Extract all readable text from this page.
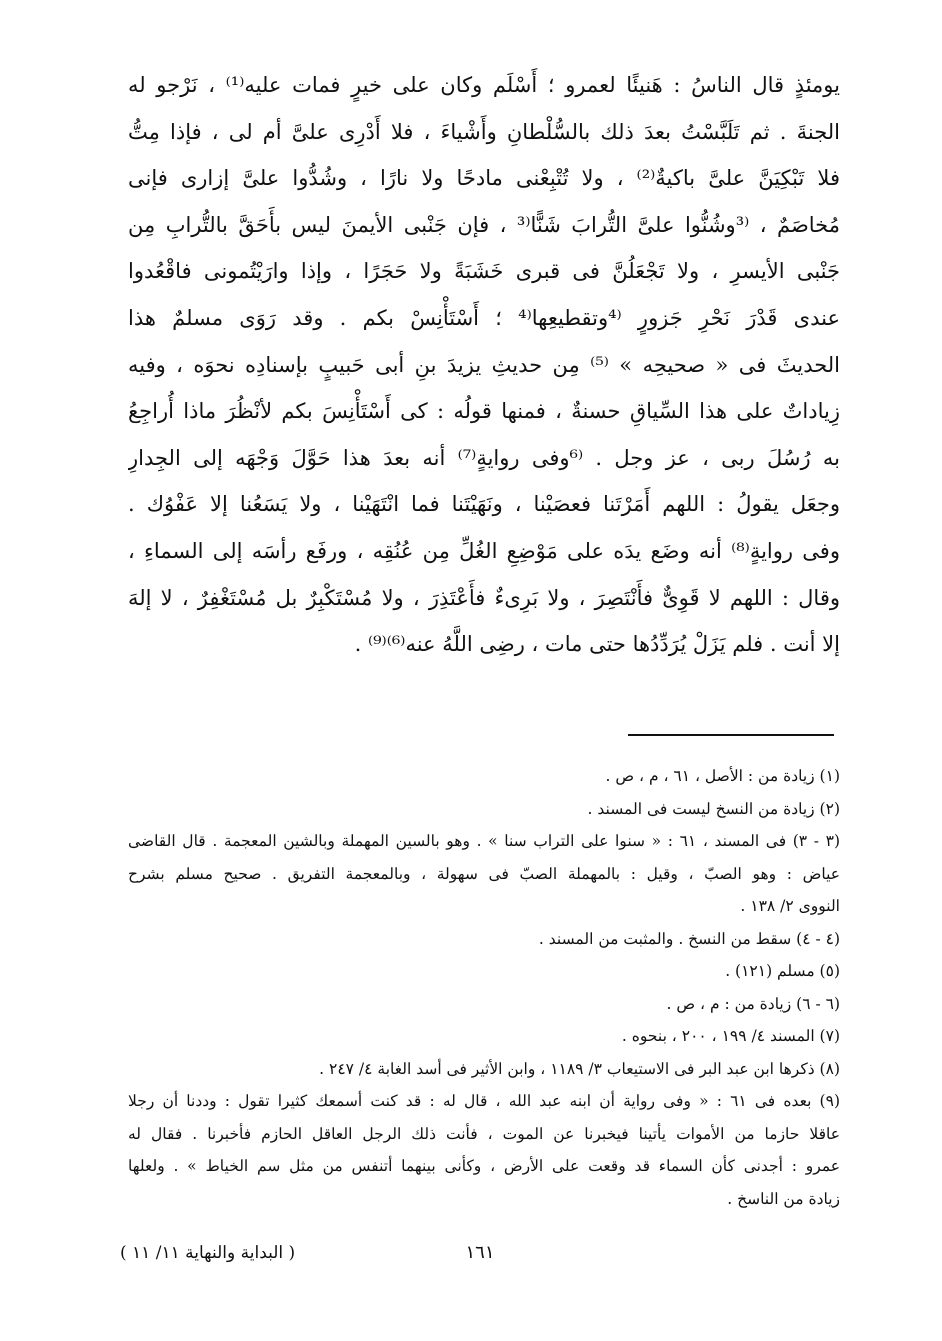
يومئذٍ قال الناسُ : هَنيئًا لعمرو ؛ أَسْلَم وكان على خيرٍ فمات عليه⁽¹⁾ ، نَرْجو له
الجنةَ . ثم تَلَبَّسْتُ بعدَ ذلك بالسُّلْطانِ وأَشْياءَ ، فلا أَدْرِى علىَّ أم لى ، فإذا مِتُّ
فلا تَبْكِيَنَّ علىَّ باكيةٌ⁽²⁾ ، ولا تُتْبِعْنى مادحًا ولا نارًا ، وشُدُّوا علىَّ إزارى فإنى
مُخاصَمٌ ، ⁽³وشُنُّوا علىَّ التُّرابَ شَنًّا⁽³ ، فإن جَنْبى الأيمنَ ليس بأَحَقَّ بالتُّرابِ مِن
جَنْبى الأيسرِ ، ولا تَجْعَلُنَّ فى قبرى خَشَبَةً ولا حَجَرًا ، وإذا وارَيْتُمونى فاقْعُدوا
عندى قَدْرَ نَحْرِ جَزورٍ ⁽⁴وتقطيعِها⁽⁴ ؛ أَسْتَأْنِسْ بكم . وقد رَوَى مسلمٌ هذا
الحديثَ فى « صحيحِه » ⁽⁵⁾ مِن حديثِ يزيدَ بنِ أبى حَبيبٍ بإسنادِه نحوَه ، وفيه
زِياداتٌ على هذا السِّياقِ حسنةٌ ، فمنها قولُه : كى أَسْتَأْنِسَ بكم لأنْظُرَ ماذا أُراجِعُ
به رُسُلَ ربى ، عز وجل . ⁽⁶وفى روايةٍ⁽⁷⁾ أنه بعدَ هذا حَوَّلَ وَجْهَه إلى الجِدارِ
وجعَل يقولُ : اللهم أَمَرْتَنا فعصَيْنا ، ونَهَيْتَنا فما انْتَهَيْنا ، ولا يَسَعُنا إلا عَفْوُك .
وفى روايةٍ⁽⁸⁾ أنه وضَع يدَه على مَوْضِعِ الغُلِّ مِن عُنُقِه ، ورفَع رأسَه إلى السماءِ ،
وقال : اللهم لا قَوِىٌّ فأَنْتَصِرَ ، ولا بَرِىءٌ فأَعْتَذِرَ ، ولا مُسْتَكْبِرٌ بل مُسْتَغْفِرٌ ، لا إلهَ
إلا أنت . فلم يَزَلْ يُرَدِّدُها حتى مات ، رضِى اللَّهُ عنه⁽⁶⁾⁽⁹⁾ .
(١) زيادة من : الأصل ، ٦١ ، م ، ص .
(٢) زيادة من النسخ ليست فى المسند .
(٣ - ٣) فى المسند ، ٦١ : « سنوا على التراب سنا » . وهو بالسين المهملة وبالشين المعجمة . قال القاضى
عياض : وهو الصبّ ، وقيل : بالمهملة الصبّ فى سهولة ، وبالمعجمة التفريق . صحيح مسلم بشرح
النووى ٢/ ١٣٨ .
(٤ - ٤) سقط من النسخ . والمثبت من المسند .
(٥) مسلم (١٢١) .
(٦ - ٦) زيادة من : م ، ص .
(٧) المسند ٤/ ١٩٩ ، ٢٠٠ ، بنحوه .
(٨) ذكرها ابن عبد البر فى الاستيعاب ٣/ ١١٨٩ ، وابن الأثير فى أسد الغابة ٤/ ٢٤٧ .
(٩) بعده فى ٦١ : « وفى رواية أن ابنه عبد الله ، قال له : قد كنت أسمعك كثيرا تقول : وددنا أن رجلا
عاقلا حازما من الأموات يأتينا فيخبرنا عن الموت ، فأنت ذلك الرجل العاقل الحازم فأخبرنا . فقال له
عمرو : أجدنى كأن السماء قد وقعت على الأرض ، وكأنى بينهما أتنفس من مثل سم الخياط » . ولعلها
زيادة من الناسخ .
١٦١
( البداية والنهاية ١١/ ١١ )
